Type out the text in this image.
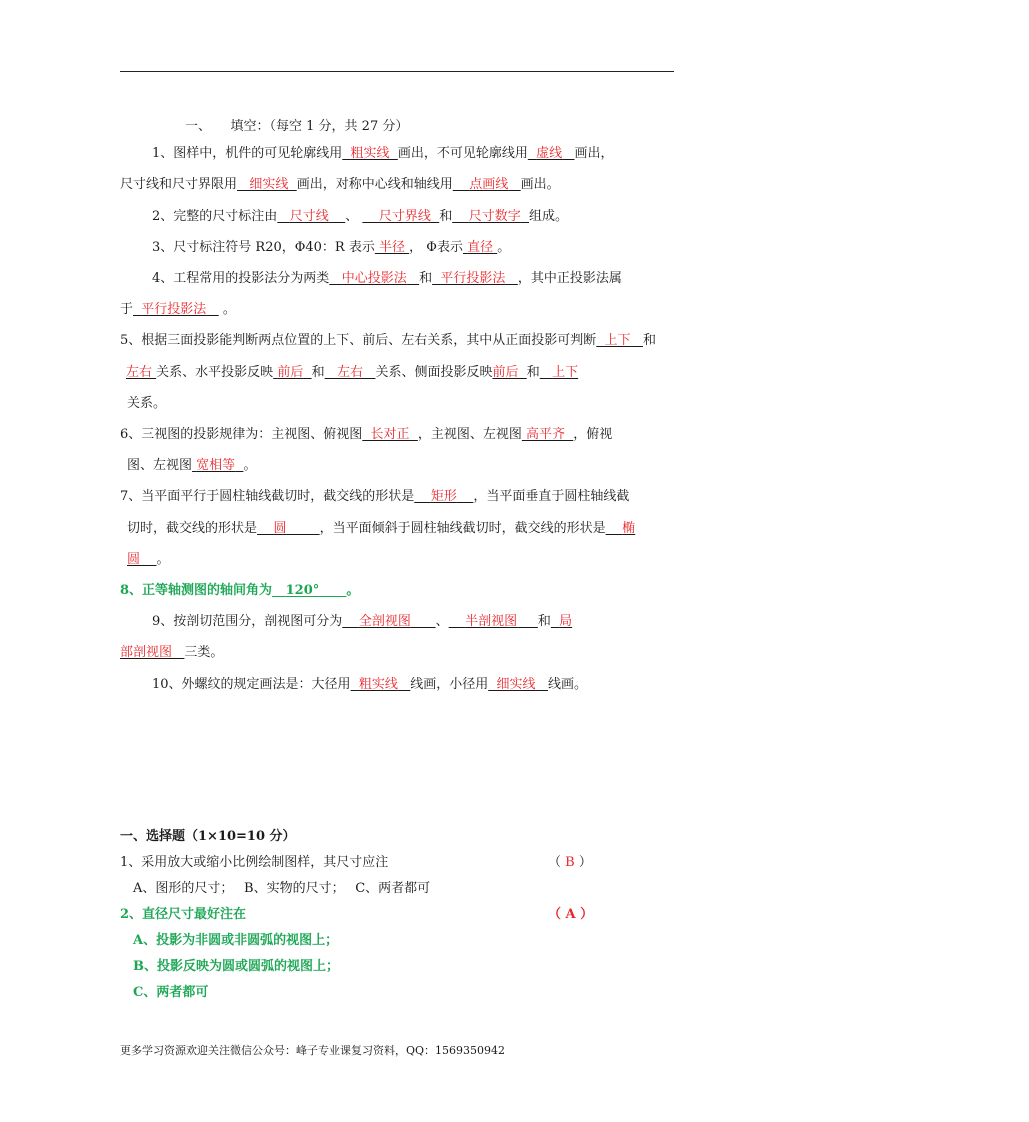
一、　　填空：（每空 1 分，共 27 分）
1、图样中，机件的可见轮廓线用 粗实线 画出，不可见轮廓线用 虚线 画出，
尺寸线和尺寸界限用 细实线 画出，对称中心线和轴线用 点画线 画出。
2、完整的尺寸标注由 尺寸线 、 尺寸界线 和 尺寸数字 组成。
3、尺寸标注符号 R20，Φ40：R 表示 半径 ， Φ表示 直径 。
4、工程常用的投影法分为两类 中心投影法 和 平行投影法 ，其中正投影法属
于 平行投影法 。
5、根据三面投影能判断两点位置的上下、前后、左右关系，其中从正面投影可判断 上下 和
左右 关系、水平投影反映 前后 和 左右 关系、侧面投影反映前后 和 上下
关系。
6、三视图的投影规律为：主视图、俯视图 长对正 ，主视图、左视图 高平齐 ，俯视
图、左视图 宽相等 。
7、当平面平行于圆柱轴线截切时，截交线的形状是 矩形 ，当平面垂直于圆柱轴线截
切时，截交线的形状是 圆	，当平面倾斜于圆柱轴线截切时，截交线的形状是 椭
圆 。
8、正等轴测图的轴间角为 120° 。
9、按剖切范围分，剖视图可分为 全剖视图 、 半剖视图 和 局
部剖视图 三类。
10、外螺纹的规定画法是：大径用 粗实线 线画，小径用 细实线 线画。
一、选择题（1×10=10 分）
1、采用放大或缩小比例绘制图样，其尺寸应注	（ B ）
A、图形的尺寸；　 B、实物的尺寸；　 C、两者都可
2、直径尺寸最好注在	（ A ）
A、投影为非圆或非圆弧的视图上；
B、投影反映为圆或圆弧的视图上；
C、两者都可
更多学习资源欢迎关注微信公众号：峰子专业课复习资料，QQ：1569350942
